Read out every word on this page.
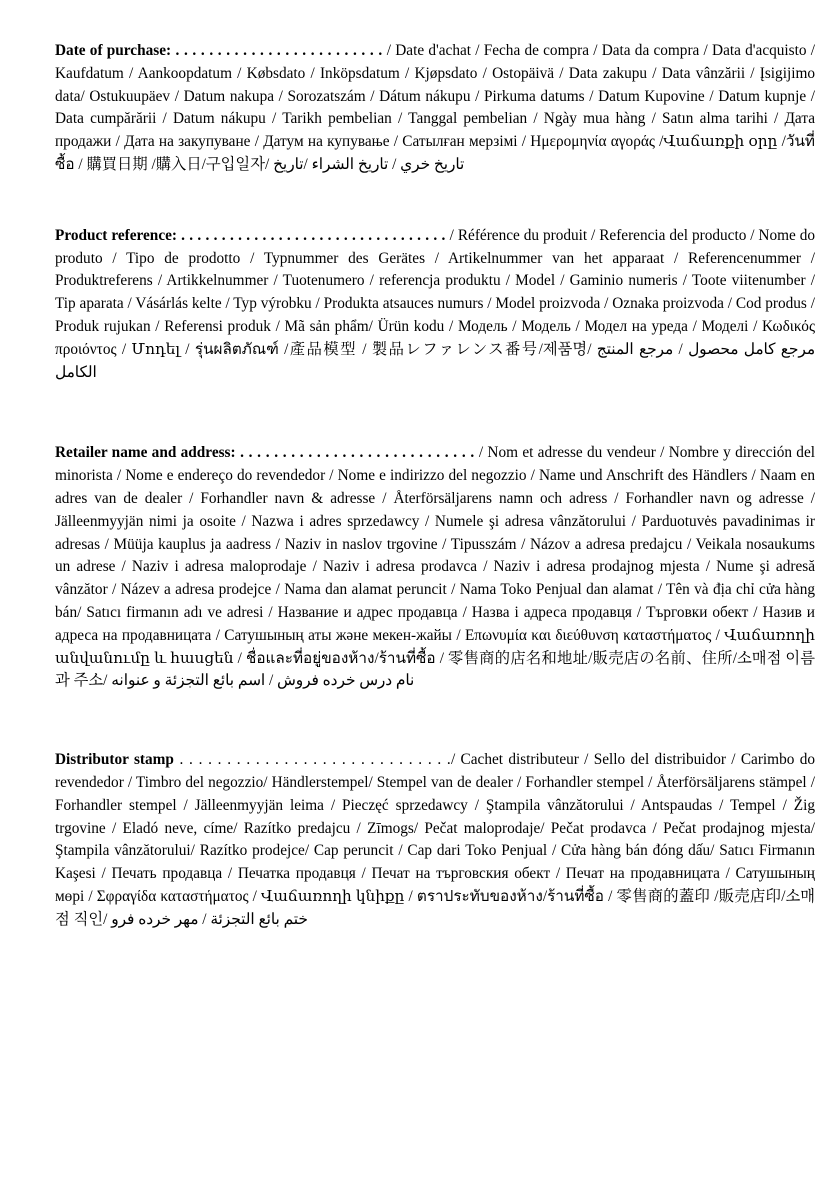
Date of purchase: . . . . . . . . . . . . . . . . . . . . . . . . . / Date d'achat / Fecha de compra / Data da compra / Data d'acquisto / Kaufdatum / Aankoopdatum / Købsdato / Inköpsdatum / Kjøpsdato / Ostopäivä / Data zakupu / Data vânzării / Įsigijimo data/ Ostukuupäev / Datum nakupa / Sorozatszám / Dátum nákupu / Pirkuma datums / Datum Kupovine / Datum kupnje / Data cumpărării / Datum nákupu / Tarikh pembelian / Tanggal pembelian / Ngày mua hàng / Satın alma tarihi / Дата продажи / Дата на закупуване / Датум на купување / Сатылған мерзімі / Ημερομηνία αγοράς /Վաճառքի օրը /วันที่ซื้อ / 購買日期 /購入日/구입일자/ تاريخ خري / تاريخ الشراء /تاريخ

Product reference: . . . . . . . . . . . . . . . . . . . . . . . . . . . . . . . . . / Référence du produit / Referencia del producto / Nome do produto / Tipo de prodotto / Typnummer des Gerätes / Artikelnummer van het apparaat / Referencenummer / Produktreferens / Artikkelnummer / Tuotenumero / referencja produktu / Model / Gaminio numeris / Toote viitenumber / Tip aparata / Vásárlás kelte / Typ výrobku / Produkta atsauces numurs / Model proizvoda / Oznaka proizvoda / Cod produs / Produk rujukan / Referensi produk / Mã sản phẩm/ Ürün kodu / Модель / Модель / Модел на уреда / Моделі / Κωδικός προιόντος / Մոդել / รุ่นผลิตภัณฑ์ /產品模型 / 製品レファレンス番号/제품명/ مرجع كامل محصول / مرجع المنتج الكامل

Retailer name and address: . . . . . . . . . . . . . . . . . . . . . . . . . . . . / Nom et adresse du vendeur / Nombre y dirección del minorista / Nome e endereço do revendedor / Nome e indirizzo del negozzio / Name und Anschrift des Händlers / Naam en adres van de dealer / Forhandler navn & adresse / Återförsäljarens namn och adress / Forhandler navn og adresse / Jälleenmyyjän nimi ja osoite / Nazwa i adres sprzedawcy / Numele şi adresa vânzătorului / Parduotuvės pavadinimas ir adresas / Müüja kauplus ja aadress / Naziv in naslov trgovine / Tipusszám / Názov a adresa predajcu / Veikala nosaukums un adrese / Naziv i adresa maloprodaje / Naziv i adresa prodavca / Naziv i adresa prodajnog mjesta / Nume şi adresă vânzător / Název a adresa prodejce / Nama dan alamat peruncit / Nama Toko Penjual dan alamat / Tên và địa chỉ cửa hàng bán/ Satıcı firmanın adı ve adresi / Название и адрес продавца / Назва і адреса продавця / Търговки обект / Назив и адреса на продавницата / Сатушының аты және мекен-жайы / Επωνυμία και διεύθυνση καταστήματος / Վաճառողի անվանումը և հասցեն / ชื่อและที่อยู่ของห้าง/ร้านที่ซื้อ / 零售商的店名和地址/販売店の名前、住所/소매점 이름과 주소/ نام درس خرده فروش / اسم بائع التجزئة و عنوانه

Distributor stamp . . . . . . . . . . . . . . . . . . . . . . . . . . . . ./ Cachet distributeur / Sello del distribuidor / Carimbo do revendedor / Timbro del negozzio/ Händlerstempel/ Stempel van de dealer / Forhandler stempel / Återförsäljarens stämpel / Forhandler stempel / Jälleenmyyjän leima / Pieczęć sprzedawcy / Ştampila vânzătorului / Antspaudas / Tempel / Žig trgovine / Eladó neve, címe/ Razítko predajcu / Zīmogs/ Pečat maloprodaje/ Pečat prodavca / Pečat prodajnog mjesta/ Ştampila vânzătorului/ Razítko prodejce/ Cap peruncit / Cap dari Toko Penjual / Cửa hàng bán đóng dấu/ Satıcı Firmanın Kaşesi / Печать продавца / Печатка продавця / Печат на търговския обект / Печат на продавницата / Сатушының мөрі / Σφραγίδα καταστήματος / Վաճառողի կնիքը / ตราประทับของห้าง/ร้านที่ซื้อ / 零售商的蓋印 /販売店印/소매점 직인/ ختم بائع التجزئة / مهر خرده فرو
